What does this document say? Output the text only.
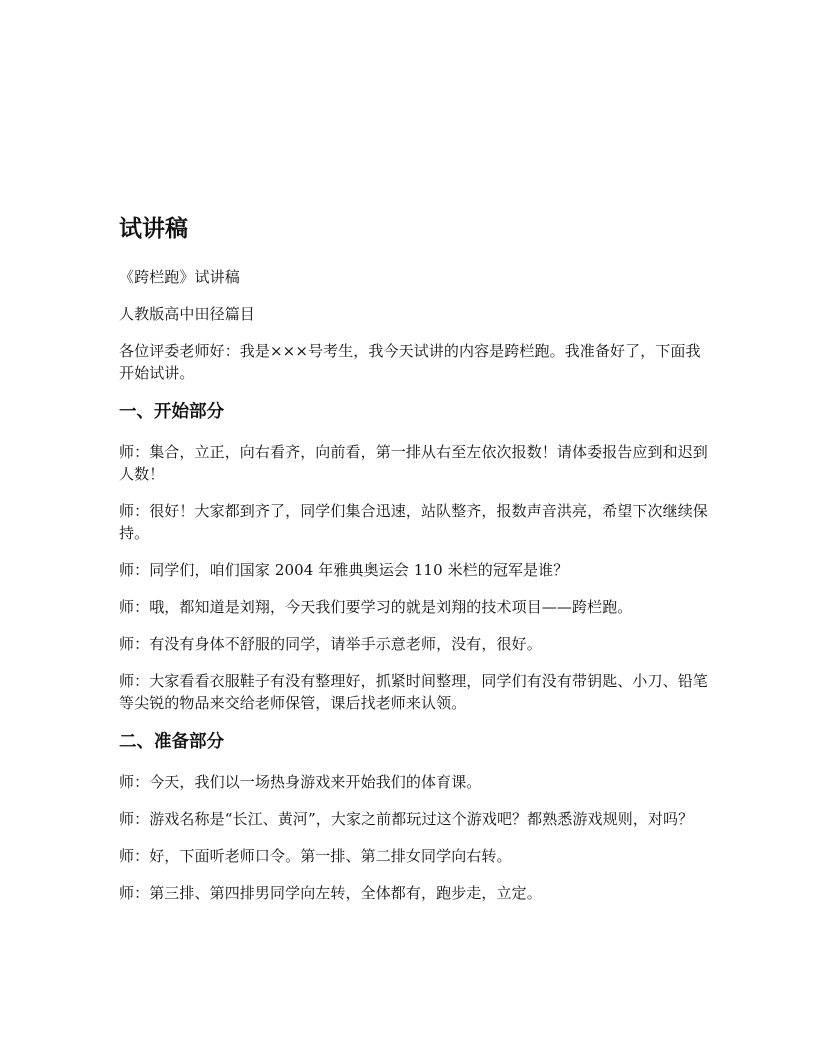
试讲稿

《跨栏跑》试讲稿

人教版高中田径篇目

各位评委老师好：我是×××号考生，我今天试讲的内容是跨栏跑。我准备好了，下面我开始试讲。

一、开始部分

师：集合，立正，向右看齐，向前看，第一排从右至左依次报数！请体委报告应到和迟到人数！

师：很好！大家都到齐了，同学们集合迅速，站队整齐，报数声音洪亮，希望下次继续保持。

师：同学们，咱们国家 2004 年雅典奥运会 110 米栏的冠军是谁？

师：哦，都知道是刘翔，今天我们要学习的就是刘翔的技术项目——跨栏跑。

师：有没有身体不舒服的同学，请举手示意老师，没有，很好。

师：大家看看衣服鞋子有没有整理好，抓紧时间整理，同学们有没有带钥匙、小刀、铅笔等尖锐的物品来交给老师保管，课后找老师来认领。

二、准备部分

师：今天，我们以一场热身游戏来开始我们的体育课。

师：游戏名称是“长江、黄河”，大家之前都玩过这个游戏吧？都熟悉游戏规则，对吗？

师：好，下面听老师口令。第一排、第二排女同学向右转。

师：第三排、第四排男同学向左转，全体都有，跑步走，立定。
